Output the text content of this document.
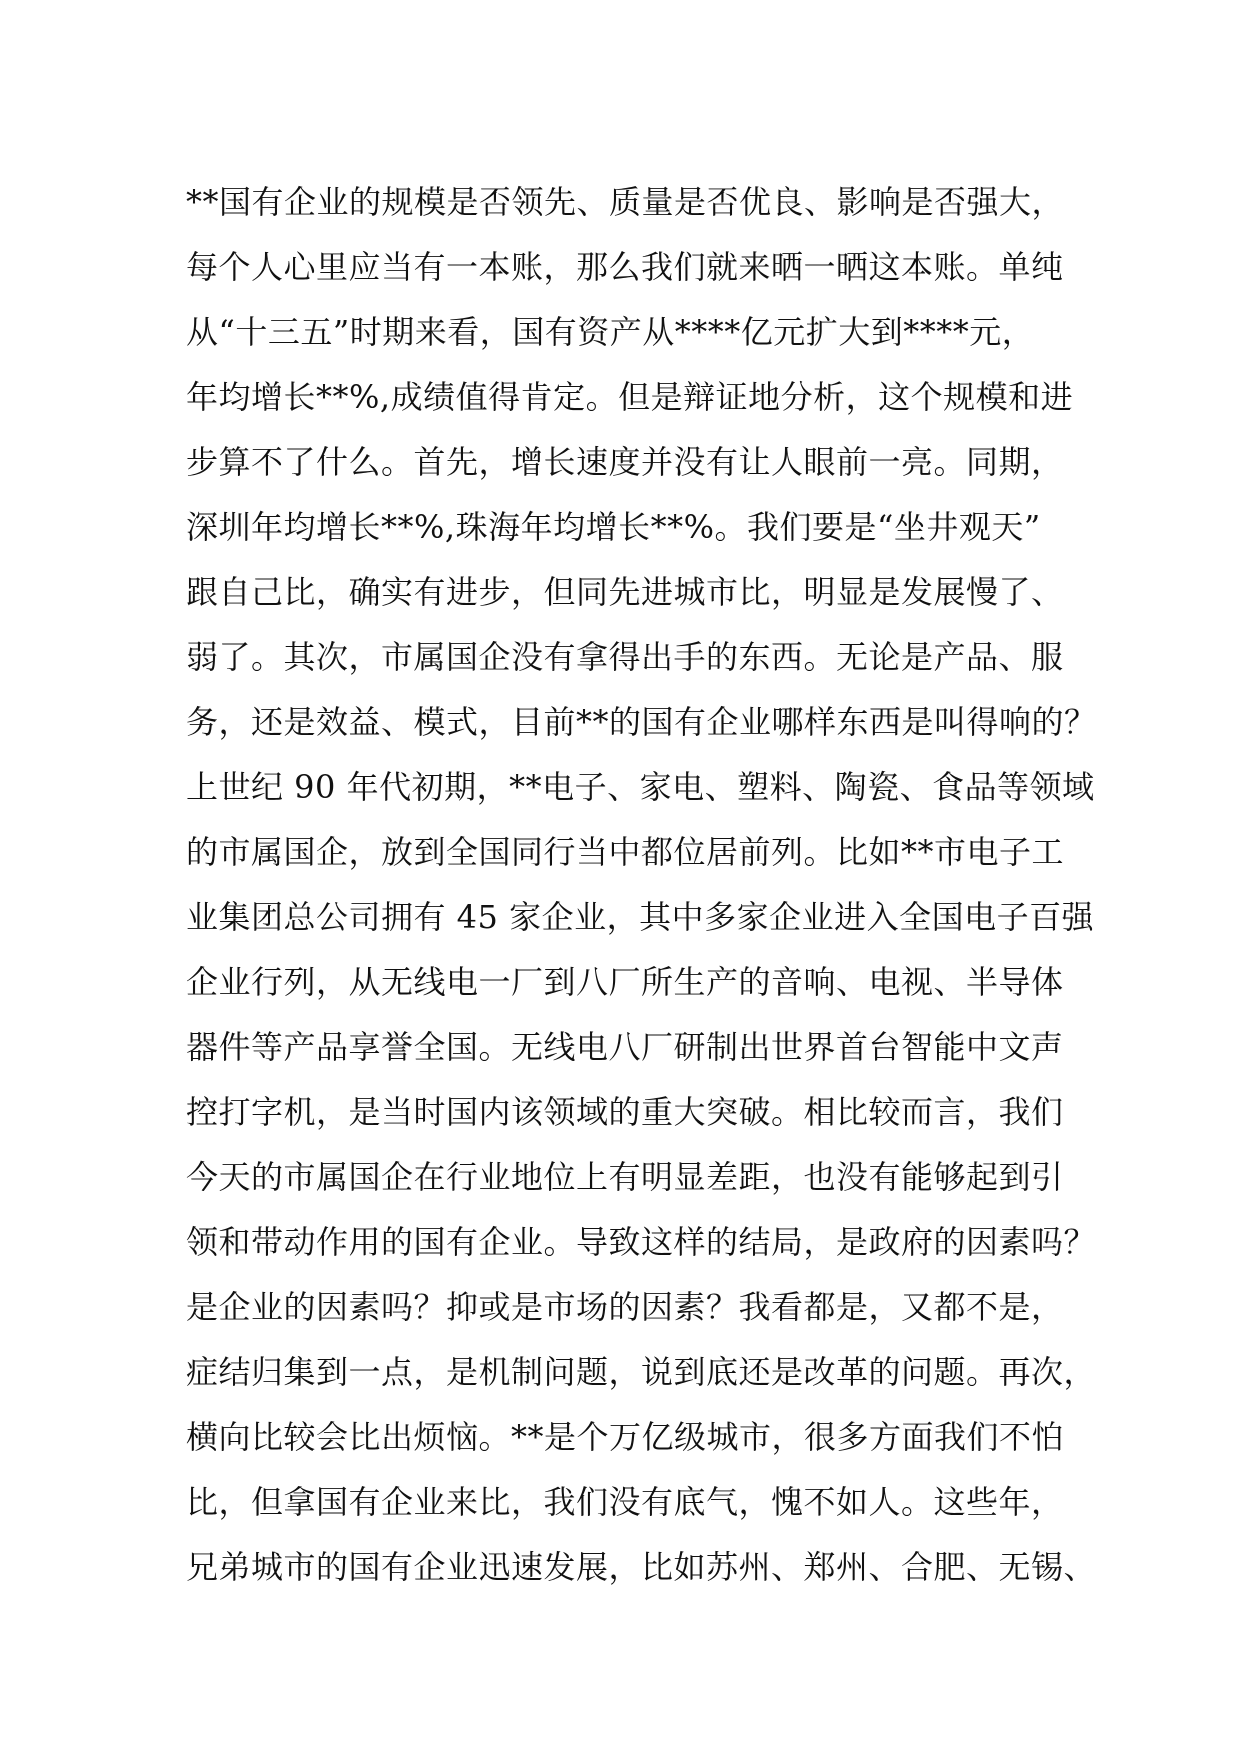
**国有企业的规模是否领先、质量是否优良、影响是否强大，
每个人心里应当有一本账，那么我们就来晒一晒这本账。单纯
从“十三五”时期来看，国有资产从****亿元扩大到****元，
年均增长**%,成绩值得肯定。但是辩证地分析，这个规模和进
步算不了什么。首先，增长速度并没有让人眼前一亮。同期，
深圳年均增长**%,珠海年均增长**%。我们要是“坐井观天”
跟自己比，确实有进步，但同先进城市比，明显是发展慢了、
弱了。其次，市属国企没有拿得出手的东西。无论是产品、服
务，还是效益、模式，目前**的国有企业哪样东西是叫得响的？
上世纪 90 年代初期，**电子、家电、塑料、陶瓷、食品等领域
的市属国企，放到全国同行当中都位居前列。比如**市电子工
业集团总公司拥有 45 家企业，其中多家企业进入全国电子百强
企业行列，从无线电一厂到八厂所生产的音响、电视、半导体
器件等产品享誉全国。无线电八厂研制出世界首台智能中文声
控打字机，是当时国内该领域的重大突破。相比较而言，我们
今天的市属国企在行业地位上有明显差距，也没有能够起到引
领和带动作用的国有企业。导致这样的结局，是政府的因素吗？
是企业的因素吗？抑或是市场的因素？我看都是，又都不是，
症结归集到一点，是机制问题，说到底还是改革的问题。再次，
横向比较会比出烦恼。**是个万亿级城市，很多方面我们不怕
比，但拿国有企业来比，我们没有底气，愧不如人。这些年，
兄弟城市的国有企业迅速发展，比如苏州、郑州、合肥、无锡、
